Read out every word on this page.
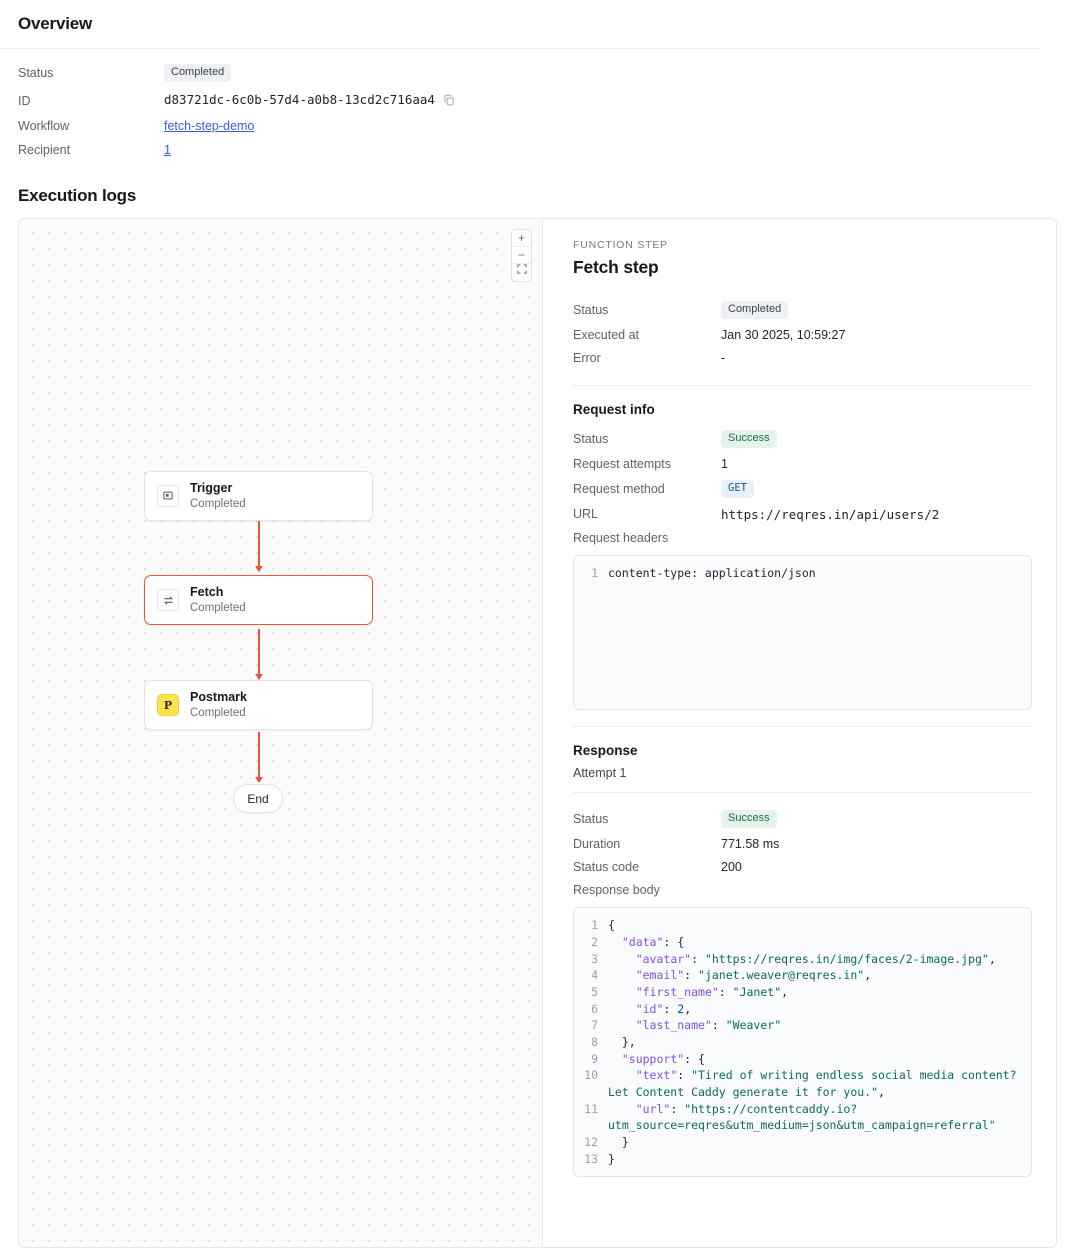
Overview
Status	Completed
ID	d83721dc-6c0b-57d4-a0b8-13cd2c716aa4
Workflow	fetch-step-demo
Recipient	1
Execution logs
+
−
Trigger
Completed
Fetch
Completed
P
Postmark
Completed
End
FUNCTION STEP
Fetch step
Status	Completed
Executed at	Jan 30 2025, 10:59:27
Error	-
Request info
Status	Success
Request attempts	1
Request method	GET
URL	https://reqres.in/api/users/2
Request headers	
1 content-type: application/json
Response
Attempt 1
Status	Success
Duration	771.58 ms
Status code	200
Response body	
1 {
2	"data": {
3	"avatar": "https://reqres.in/img/faces/2-image.jpg",
4	"email": "janet.weaver@reqres.in",
5	"first_name": "Janet",
6	"id": 2,
7	"last_name": "Weaver"
8 },
9	"support": {
10	"text": "Tired of writing endless social media content? Let Content Caddy generate it for you.",
11	"url": "https://contentcaddy.io?utm_source=reqres&utm_medium=json&utm_campaign=referral"
12 }
13 }
